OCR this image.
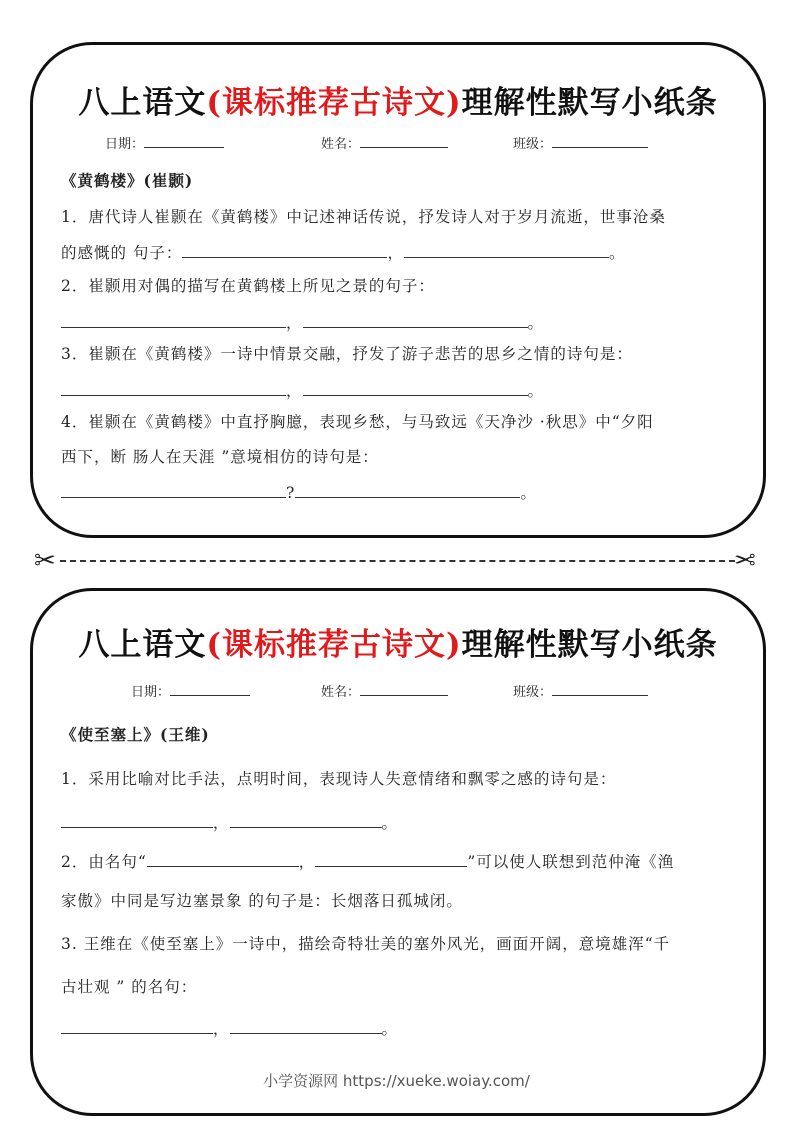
八上语文(课标推荐古诗文)理解性默写小纸条
日期：	姓名：	班级：
《黄鹤楼》(崔颢)
1．唐代诗人崔颢在《黄鹤楼》中记述神话传说，抒发诗人对于岁月流逝，世事沧桑
的感慨的 句子：	，	。
2．崔颢用对偶的描写在黄鹤楼上所见之景的句子：
，	。
3．崔颢在《黄鹤楼》一诗中情景交融，抒发了游子悲苦的思乡之情的诗句是：
，	。
4．崔颢在《黄鹤楼》中直抒胸臆，表现乡愁，与马致远《天净沙 ·秋思》中“夕阳
西下，断 肠人在天涯 ”意境相仿的诗句是：
?	。
✂	✂
八上语文(课标推荐古诗文)理解性默写小纸条
日期：	姓名：	班级：
《使至塞上》(王维)
1．采用比喻对比手法，点明时间，表现诗人失意情绪和飘零之感的诗句是：
，	。
2．由名句“	，	”可以使人联想到范仲淹《渔
家傲》中同是写边塞景象 的句子是：长烟落日孤城闭。
3. 王维在《使至塞上》一诗中，描绘奇特壮美的塞外风光，画面开阔，意境雄浑“千
古壮观 ” 的名句：
，	。
小学资源网 https://xueke.woiay.com/
